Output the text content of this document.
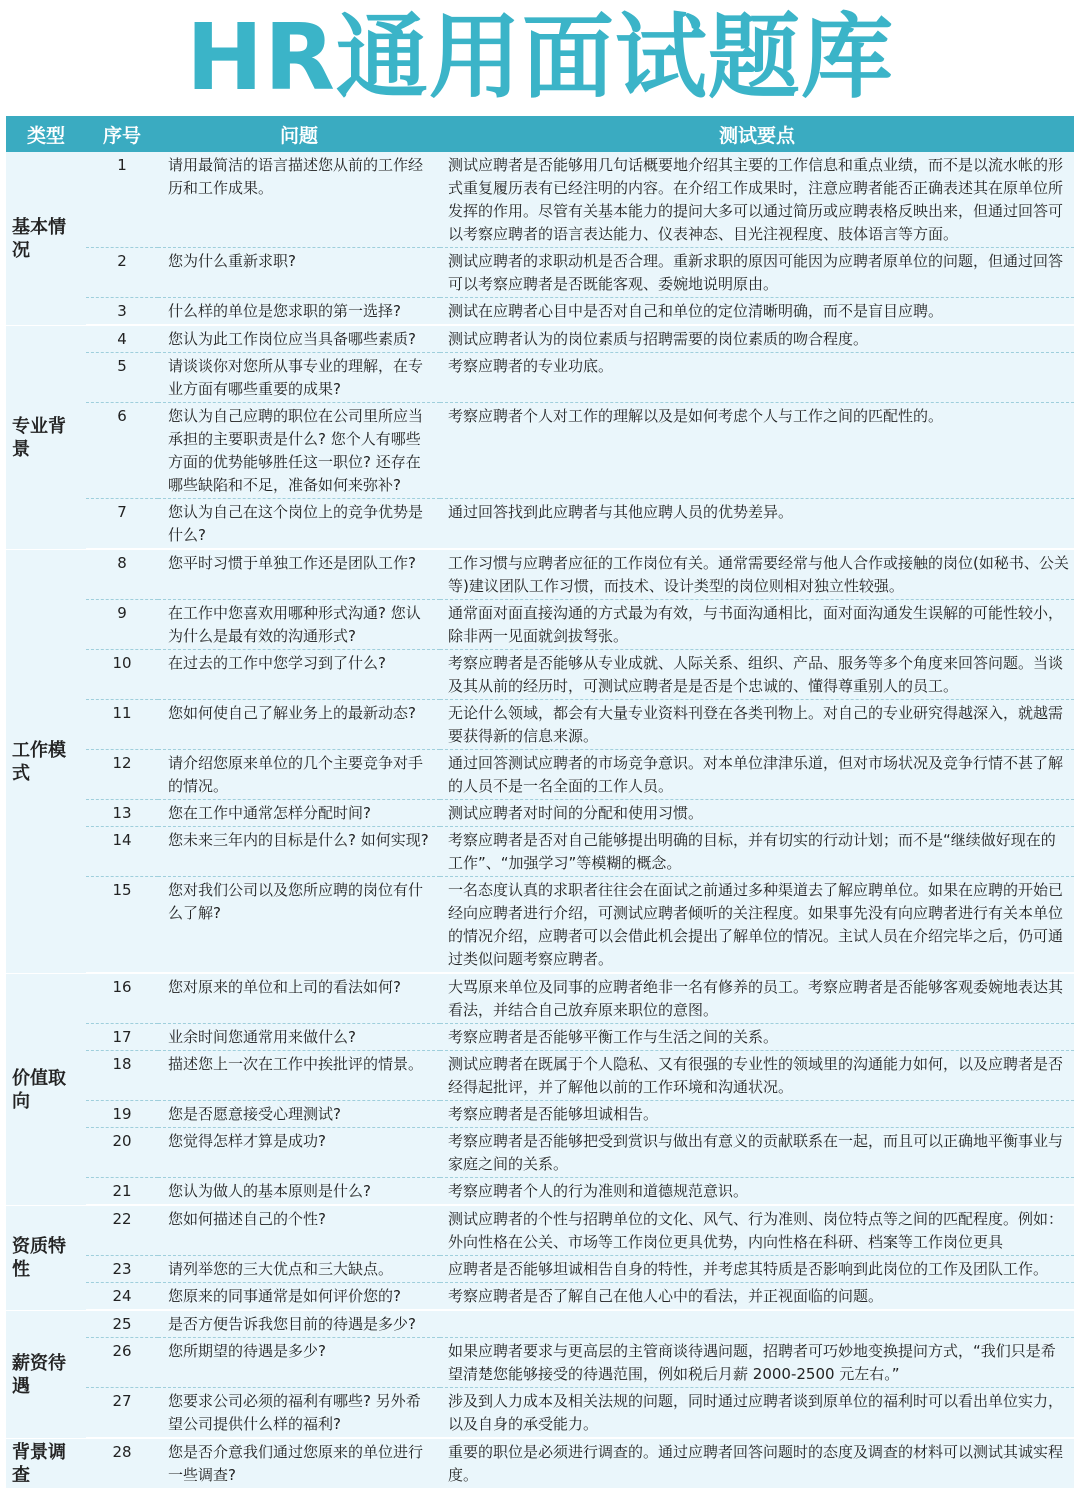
HR通用面试题库
类型	序号	问题	测试要点
基本情况	1	请用最简洁的语言描述您从前的工作经历和工作成果。	测试应聘者是否能够用几句话概要地介绍其主要的工作信息和重点业绩，而不是以流水帐的形式重复履历表有已经注明的内容。在介绍工作成果时，注意应聘者能否正确表述其在原单位所发挥的作用。尽管有关基本能力的提问大多可以通过简历或应聘表格反映出来，但通过回答可以考察应聘者的语言表达能力、仪表神态、目光注视程度、肢体语言等方面。
	2	您为什么重新求职?	测试应聘者的求职动机是否合理。重新求职的原因可能因为应聘者原单位的问题，但通过回答可以考察应聘者是否既能客观、委婉地说明原由。
	3	什么样的单位是您求职的第一选择?	测试在应聘者心目中是否对自己和单位的定位清晰明确，而不是盲目应聘。
专业背景	4	您认为此工作岗位应当具备哪些素质?	测试应聘者认为的岗位素质与招聘需要的岗位素质的吻合程度。
	5	请谈谈你对您所从事专业的理解，在专业方面有哪些重要的成果?	考察应聘者的专业功底。
	6	您认为自己应聘的职位在公司里所应当承担的主要职责是什么? 您个人有哪些方面的优势能够胜任这一职位? 还存在哪些缺陷和不足，准备如何来弥补?	考察应聘者个人对工作的理解以及是如何考虑个人与工作之间的匹配性的。
	7	您认为自己在这个岗位上的竞争优势是什么?	通过回答找到此应聘者与其他应聘人员的优势差异。
工作模式	8	您平时习惯于单独工作还是团队工作?	工作习惯与应聘者应征的工作岗位有关。通常需要经常与他人合作或接触的岗位(如秘书、公关等)建议团队工作习惯，而技术、设计类型的岗位则相对独立性较强。
	9	在工作中您喜欢用哪种形式沟通? 您认为什么是最有效的沟通形式?	通常面对面直接沟通的方式最为有效，与书面沟通相比，面对面沟通发生误解的可能性较小，除非两一见面就剑拔弩张。
	10	在过去的工作中您学习到了什么?	考察应聘者是否能够从专业成就、人际关系、组织、产品、服务等多个角度来回答问题。当谈及其从前的经历时，可测试应聘者是是否是个忠诚的、懂得尊重别人的员工。
	11	您如何使自己了解业务上的最新动态?	无论什么领域，都会有大量专业资料刊登在各类刊物上。对自己的专业研究得越深入，就越需要获得新的信息来源。
	12	请介绍您原来单位的几个主要竞争对手的情况。	通过回答测试应聘者的市场竞争意识。对本单位津津乐道，但对市场状况及竞争行情不甚了解的人员不是一名全面的工作人员。
	13	您在工作中通常怎样分配时间?	测试应聘者对时间的分配和使用习惯。
	14	您未来三年内的目标是什么? 如何实现?	考察应聘者是否对自己能够提出明确的目标，并有切实的行动计划；而不是“继续做好现在的工作”、“加强学习”等模糊的概念。
	15	您对我们公司以及您所应聘的岗位有什么了解?	一名态度认真的求职者往往会在面试之前通过多种渠道去了解应聘单位。如果在应聘的开始已经向应聘者进行介绍，可测试应聘者倾听的关注程度。如果事先没有向应聘者进行有关本单位的情况介绍，应聘者可以会借此机会提出了解单位的情况。主试人员在介绍完毕之后，仍可通过类似问题考察应聘者。
价值取向	16	您对原来的单位和上司的看法如何?	大骂原来单位及同事的应聘者绝非一名有修养的员工。考察应聘者是否能够客观委婉地表达其看法，并结合自己放弃原来职位的意图。
	17	业余时间您通常用来做什么?	考察应聘者是否能够平衡工作与生活之间的关系。
	18	描述您上一次在工作中挨批评的情景。	测试应聘者在既属于个人隐私、又有很强的专业性的领域里的沟通能力如何，以及应聘者是否经得起批评，并了解他以前的工作环境和沟通状况。
	19	您是否愿意接受心理测试?	考察应聘者是否能够坦诚相告。
	20	您觉得怎样才算是成功?	考察应聘者是否能够把受到赏识与做出有意义的贡献联系在一起，而且可以正确地平衡事业与家庭之间的关系。
	21	您认为做人的基本原则是什么?	考察应聘者个人的行为准则和道德规范意识。
资质特性	22	您如何描述自己的个性?	测试应聘者的个性与招聘单位的文化、风气、行为准则、岗位特点等之间的匹配程度。例如：外向性格在公关、市场等工作岗位更具优势，内向性格在科研、档案等工作岗位更具
	23	请列举您的三大优点和三大缺点。	应聘者是否能够坦诚相告自身的特性，并考虑其特质是否影响到此岗位的工作及团队工作。
	24	您原来的同事通常是如何评价您的?	考察应聘者是否了解自己在他人心中的看法，并正视面临的问题。
薪资待遇	25	是否方便告诉我您目前的待遇是多少?	
	26	您所期望的待遇是多少?	如果应聘者要求与更高层的主管商谈待遇问题，招聘者可巧妙地变换提问方式，“我们只是希望清楚您能够接受的待遇范围，例如税后月薪 2000-2500 元左右。”
	27	您要求公司必须的福利有哪些? 另外希望公司提供什么样的福利?	涉及到人力成本及相关法规的问题，同时通过应聘者谈到原单位的福利时可以看出单位实力，以及自身的承受能力。
背景调查	28	您是否介意我们通过您原来的单位进行一些调查?	重要的职位是必须进行调查的。通过应聘者回答问题时的态度及调查的材料可以测试其诚实程度。
